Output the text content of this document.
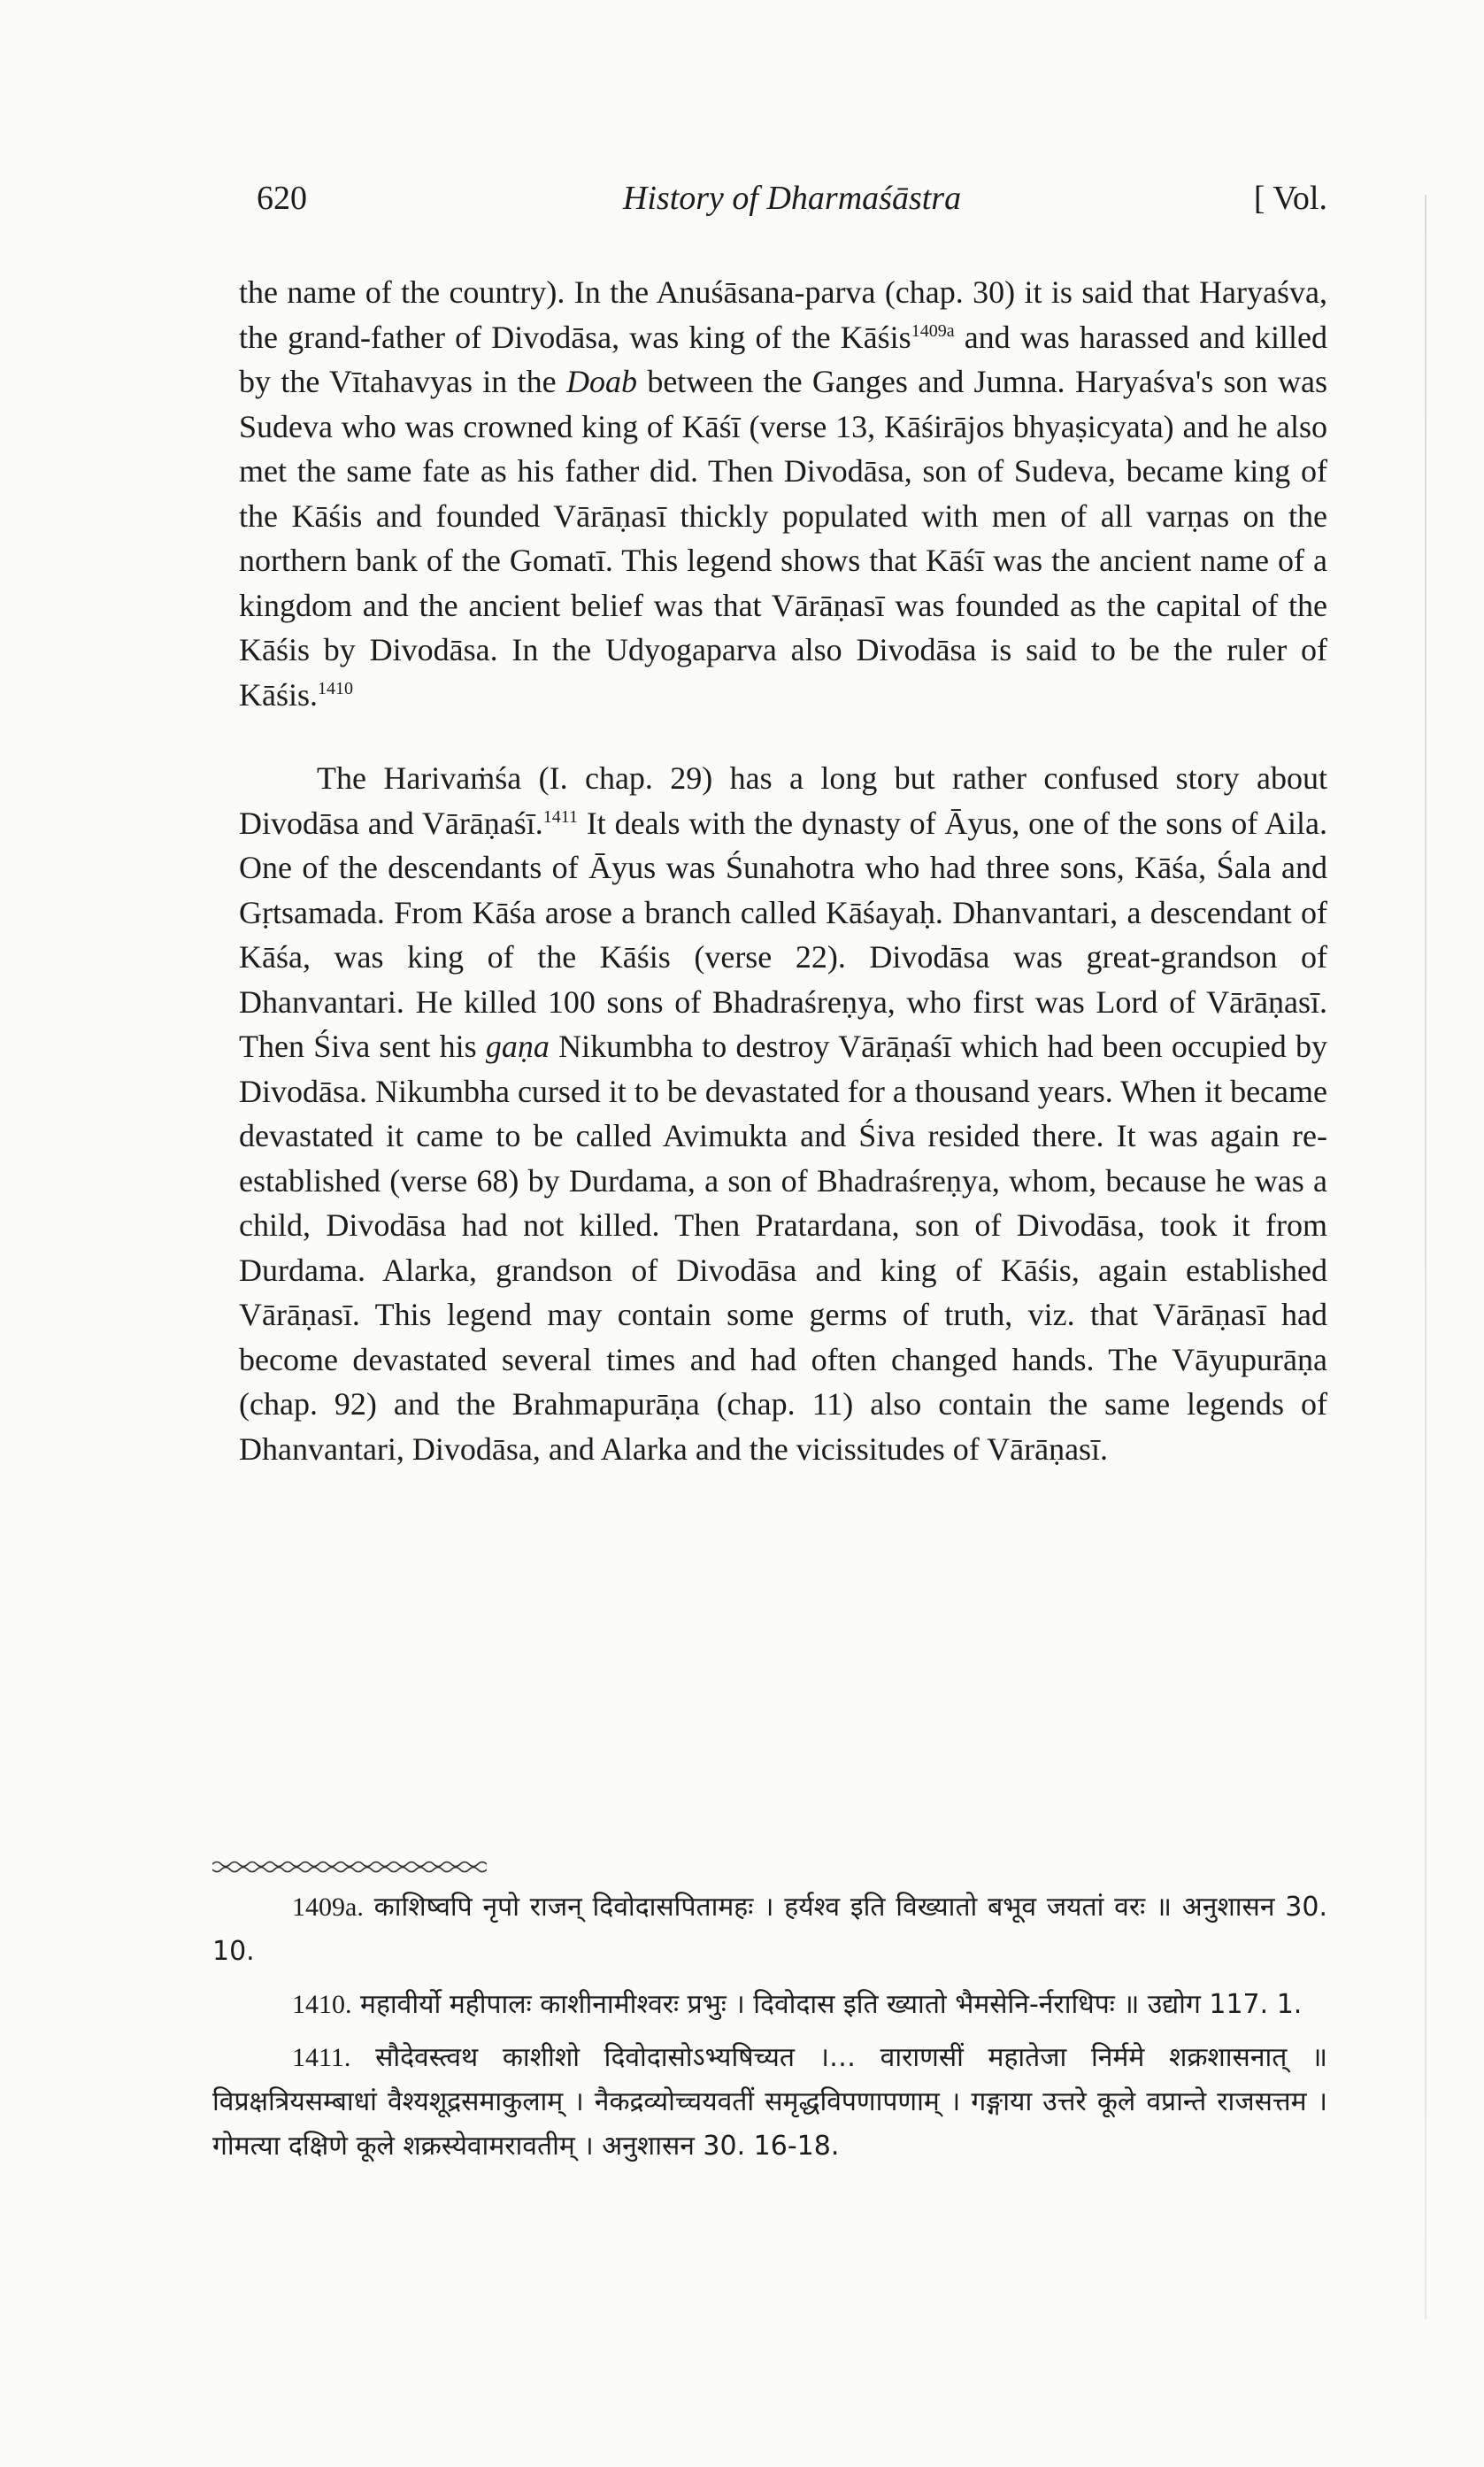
620	History of Dharmaśāstra	[ Vol.

the name of the country). In the Anuśāsana-parva (chap. 30) it is said that Haryaśva, the grand-father of Divodāsa, was king of the Kāśis$^{1409a}$ and was harassed and killed by the Vītahavyas in the Doab between the Ganges and Jumna. Haryaśva's son was Sudeva who was crowned king of Kāśī (verse 13, Kāśirājos bhyaṣicyata) and he also met the same fate as his father did. Then Divodāsa, son of Sudeva, became king of the Kāśis and founded Vārāṇasī thickly populated with men of all varṇas on the northern bank of the Gomatī. This legend shows that Kāśī was the ancient name of a kingdom and the ancient belief was that Vārāṇasī was founded as the capital of the Kāśis by Divodāsa. In the Udyogaparva also Divodāsa is said to be the ruler of Kāśis.$^{1410}$

The Harivaṁśa (I. chap. 29) has a long but rather confused story about Divodāsa and Vārāṇaśī.$^{1411}$ It deals with the dynasty of Āyus, one of the sons of Aila. One of the descendants of Āyus was Śunahotra who had three sons, Kāśa, Śala and Gṛtsamada. From Kāśa arose a branch called Kāśayaḥ. Dhanvantari, a descendant of Kāśa, was king of the Kāśis (verse 22). Divodāsa was great-grandson of Dhanvantari. He killed 100 sons of Bhadraśreṇya, who first was Lord of Vārāṇasī. Then Śiva sent his gaṇa Nikumbha to destroy Vārāṇaśī which had been occupied by Divodāsa. Nikumbha cursed it to be devastated for a thousand years. When it became devastated it came to be called Avimukta and Śiva resided there. It was again re-established (verse 68) by Durdama, a son of Bhadraśreṇya, whom, because he was a child, Divodāsa had not killed. Then Pratardana, son of Divodāsa, took it from Durdama. Alarka, grandson of Divodāsa and king of Kāśis, again established Vārāṇasī. This legend may contain some germs of truth, viz. that Vārāṇasī had become devastated several times and had often changed hands. The Vāyupurāṇa (chap. 92) and the Brahmapurāṇa (chap. 11) also contain the same legends of Dhanvantari, Divodāsa, and Alarka and the vicissitudes of Vārāṇasī.

1409a. काशिष्वपि नृपो राजन् दिवोदासपितामहः । हर्यश्व इति विख्यातो बभूव जयतां वरः ॥ अनुशासन 30. 10.

1410. महावीर्यो महीपालः काशीनामीश्वरः प्रभुः । दिवोदास इति ख्यातो भैमसेनि-र्नराधिपः ॥ उद्योग 117. 1.

1411. सौदेवस्त्वथ काशीशो दिवोदासोऽभ्यषिच्यत ।… वाराणसीं महातेजा निर्ममे शक्रशासनात् ॥ विप्रक्षत्रियसम्बाधां वैश्यशूद्रसमाकुलाम् । नैकद्रव्योच्चयवतीं समृद्धविपणापणाम् । गङ्गाया उत्तरे कूले वप्रान्ते राजसत्तम । गोमत्या दक्षिणे कूले शक्रस्येवामरावतीम् । अनुशासन 30. 16-18.
